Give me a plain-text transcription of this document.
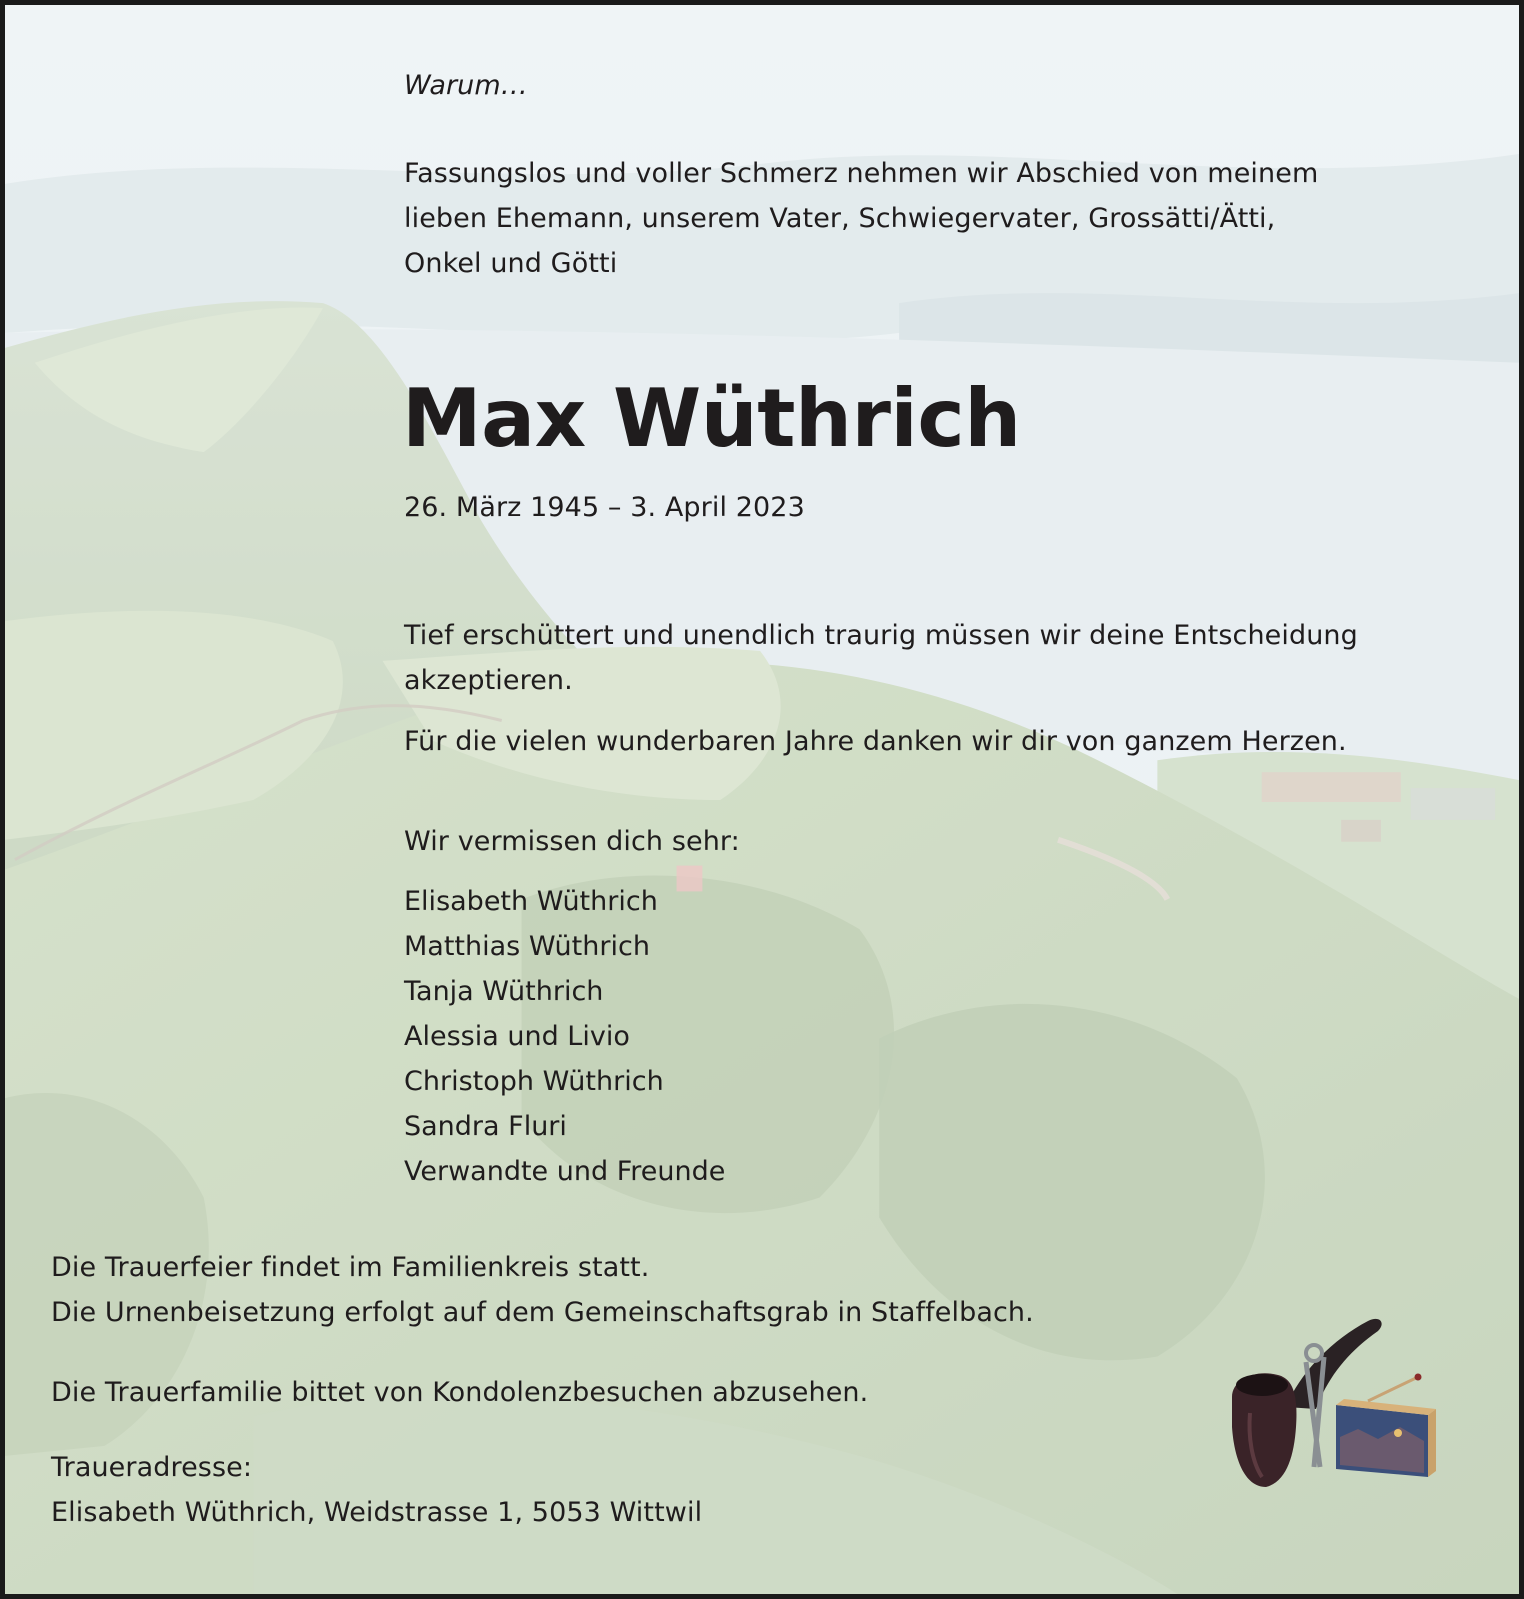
Warum…

Fassungslos und voller Schmerz nehmen wir Abschied von meinem

lieben Ehemann, unserem Vater, Schwiegervater, Grossätti/Ätti,

Onkel und Götti

Max Wüthrich

26. März 1945 – 3. April 2023

Tief erschüttert und unendlich traurig müssen wir deine Entscheidung

akzeptieren.

Für die vielen wunderbaren Jahre danken wir dir von ganzem Herzen.

Wir vermissen dich sehr:

Elisabeth Wüthrich
Matthias Wüthrich
Tanja Wüthrich
Alessia und Livio
Christoph Wüthrich
Sandra Fluri
Verwandte und Freunde

Die Trauerfeier findet im Familienkreis statt.

Die Urnenbeisetzung erfolgt auf dem Gemeinschaftsgrab in Staffelbach.

Die Trauerfamilie bittet von Kondolenzbesuchen abzusehen.

Traueradresse:

Elisabeth Wüthrich, Weidstrasse 1, 5053 Wittwil
